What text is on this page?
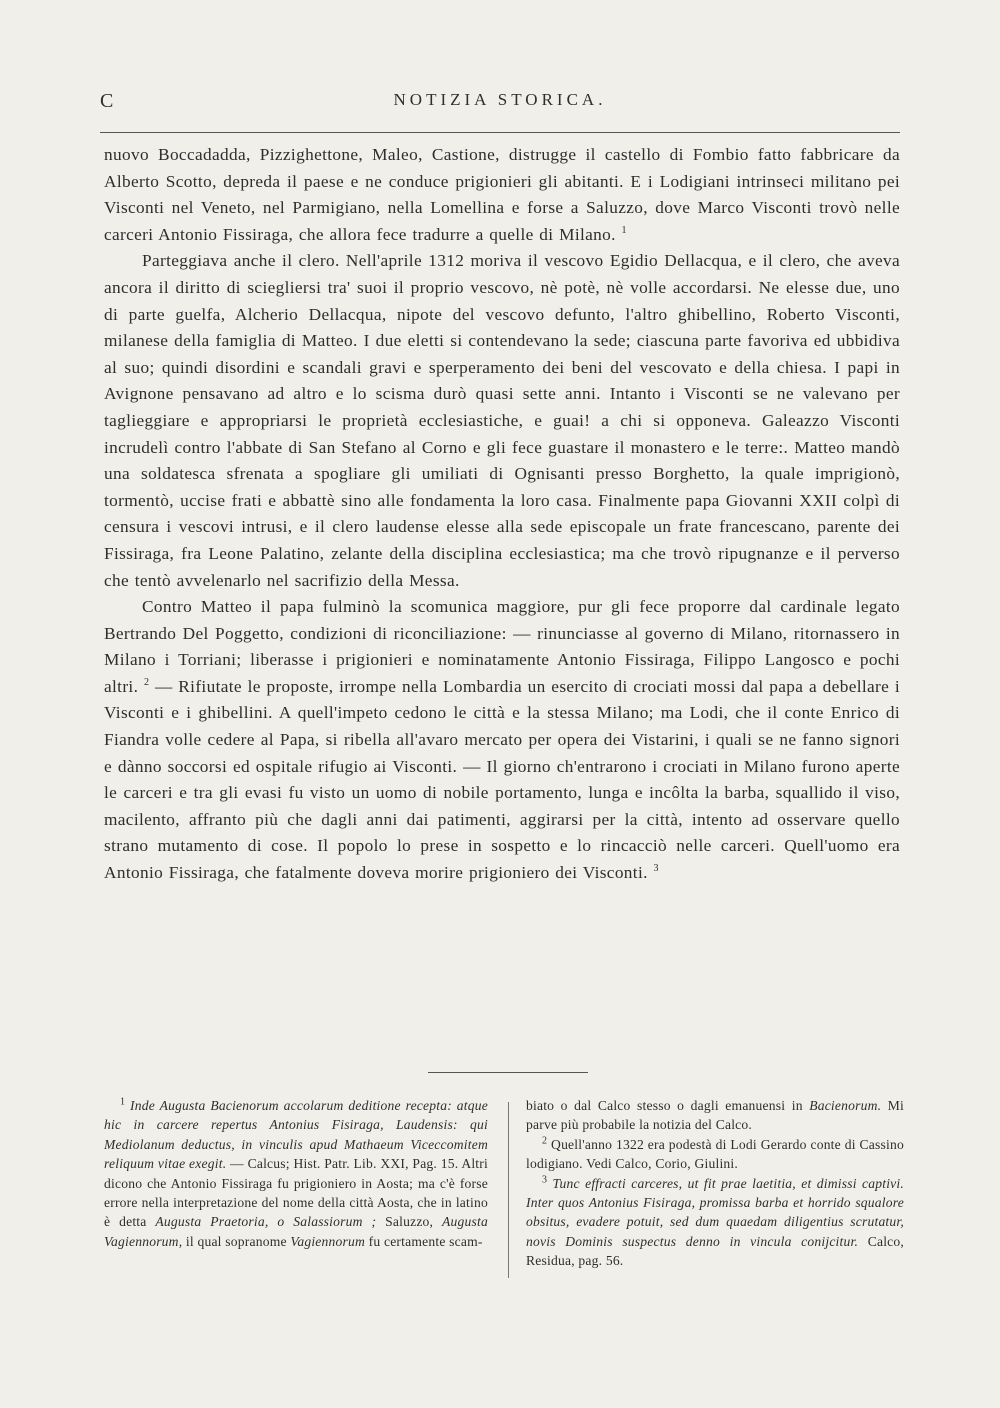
C	NOTIZIA STORICA.

nuovo Boccadadda, Pizzighettone, Maleo, Castione, distrugge il castello di Fombio fatto fabbricare da Alberto Scotto, depreda il paese e ne conduce prigionieri gli abitanti. E i Lodigiani intrinseci militano pei Visconti nel Veneto, nel Parmigiano, nella Lomellina e forse a Saluzzo, dove Marco Visconti trovò nelle carceri Antonio Fissiraga, che allora fece tradurre a quelle di Milano. $^1$

Parteggiava anche il clero. Nell'aprile 1312 moriva il vescovo Egidio Dellacqua, e il clero, che aveva ancora il diritto di sciegliersi tra' suoi il proprio vescovo, nè potè, nè volle accordarsi. Ne elesse due, uno di parte guelfa, Alcherio Dellacqua, nipote del vescovo defunto, l'altro ghibellino, Roberto Visconti, milanese della famiglia di Matteo. I due eletti si contendevano la sede; ciascuna parte favoriva ed ubbidiva al suo; quindi disordini e scandali gravi e sperperamento dei beni del vescovato e della chiesa. I papi in Avignone pensavano ad altro e lo scisma durò quasi sette anni. Intanto i Visconti se ne valevano per taglieggiare e appropriarsi le proprietà ecclesiastiche, e guai! a chi si opponeva. Galeazzo Visconti incrudelì contro l'abbate di San Stefano al Corno e gli fece guastare il monastero e le terre:. Matteo mandò una soldatesca sfrenata a spogliare gli umiliati di Ognisanti presso Borghetto, la quale imprigionò, tormentò, uccise frati e abbattè sino alle fondamenta la loro casa. Finalmente papa Giovanni XXII colpì di censura i vescovi intrusi, e il clero laudense elesse alla sede episcopale un frate francescano, parente dei Fissiraga, fra Leone Palatino, zelante della disciplina ecclesiastica; ma che trovò ripugnanze e il perverso che tentò avvelenarlo nel sacrifizio della Messa.

Contro Matteo il papa fulminò la scomunica maggiore, pur gli fece proporre dal cardinale legato Bertrando Del Poggetto, condizioni di riconciliazione: — rinunciasse al governo di Milano, ritornassero in Milano i Torriani; liberasse i prigionieri e nominatamente Antonio Fissiraga, Filippo Langosco e pochi altri. $^2$ — Rifiutate le proposte, irrompe nella Lombardia un esercito di crociati mossi dal papa a debellare i Visconti e i ghibellini. A quell'impeto cedono le città e la stessa Milano; ma Lodi, che il conte Enrico di Fiandra volle cedere al Papa, si ribella all'avaro mercato per opera dei Vistarini, i quali se ne fanno signori e dànno soccorsi ed ospitale rifugio ai Visconti. — Il giorno ch'entrarono i crociati in Milano furono aperte le carceri e tra gli evasi fu visto un uomo di nobile portamento, lunga e incôlta la barba, squallido il viso, macilento, affranto più che dagli anni dai patimenti, aggirarsi per la città, intento ad osservare quello strano mutamento di cose. Il popolo lo prese in sospetto e lo rincacciò nelle carceri. Quell'uomo era Antonio Fissiraga, che fatalmente doveva morire prigioniero dei Visconti. $^3$

$^1$ Inde Augusta Bacienorum accolarum deditione recepta: atque hic in carcere repertus Antonius Fisiraga, Laudensis: qui Mediolanum deductus, in vinculis apud Mathaeum Viceccomitem reliquum vitae exegit. — Calcus; Hist. Patr. Lib. XXI, Pag. 15. Altri dicono che Antonio Fissiraga fu prigioniero in Aosta; ma c'è forse errore nella interpretazione del nome della città Aosta, che in latino è detta Augusta Praetoria, o Salassiorum ; Saluzzo, Augusta Vagiennorum, il qual sopranome Vagiennorum fu certamente scam-

biato o dal Calco stesso o dagli emanuensi in Bacienorum. Mi parve più probabile la notizia del Calco.

$^2$ Quell'anno 1322 era podestà di Lodi Gerardo conte di Cassino lodigiano. Vedi Calco, Corio, Giulini.

$^3$ Tunc effracti carceres, ut fit prae laetitia, et dimissi captivi. Inter quos Antonius Fisiraga, promissa barba et horrido squalore obsitus, evadere potuit, sed dum quaedam diligentius scrutatur, novis Dominis suspectus denno in vincula conijcitur. Calco, Residua, pag. 56.
